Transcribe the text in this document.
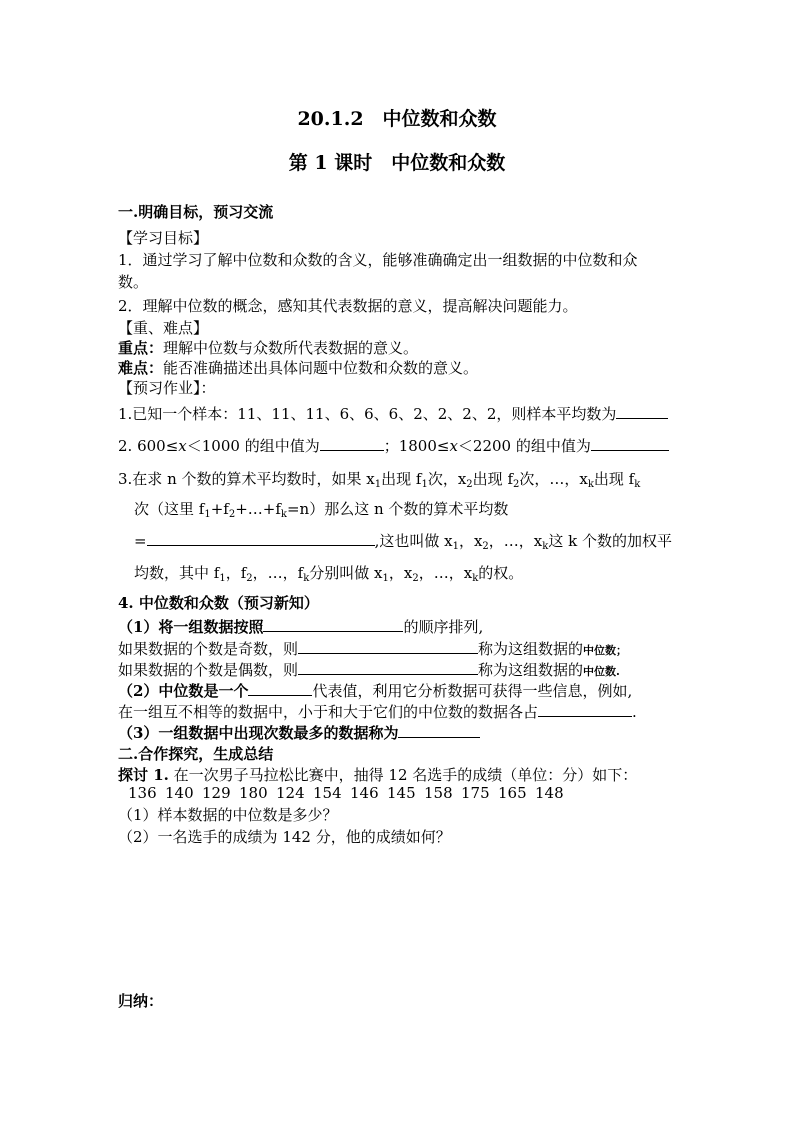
20.1.2　中位数和众数
第 1 课时　中位数和众数
一.明确目标，预习交流
【学习目标】
1．通过学习了解中位数和众数的含义，能够准确确定出一组数据的中位数和众
数。
2．理解中位数的概念，感知其代表数据的意义，提高解决问题能力。
【重、难点】
重点：理解中位数与众数所代表数据的意义。
难点：能否准确描述出具体问题中位数和众数的意义。
【预习作业】：
1.已知一个样本：11、11、11、6、6、6、2、2、2、2，则样本平均数为
2. 600≤x＜1000 的组中值为	；1800≤x＜2200 的组中值为
3.在求 n 个数的算术平均数时，如果 $x_1$出现 $f_1$次，$x_2$出现 $f_2$次，…，$x_k$出现 $f_k$
次（这里 $f_1+f_2+\dots+f_k=n$）那么这 n 个数的算术平均数
=	,这也叫做 $x_1$，$x_2$，…，$x_k$这 k 个数的加权平
均数，其中 $f_1$，$f_2$，…，$f_k$分别叫做 $x_1$，$x_2$，…，$x_k$的权。
4. 中位数和众数（预习新知）
（1）将一组数据按照	的顺序排列,
如果数据的个数是奇数，则	称为这组数据的中位数；
如果数据的个数是偶数，则	称为这组数据的中位数.
（2）中位数是一个	代表值，利用它分析数据可获得一些信息，例如,
在一组互不相等的数据中，小于和大于它们的中位数的数据各占	.
（3）一组数据中出现次数最多的数据称为
二.合作探究，生成总结
探讨 1. 在一次男子马拉松比赛中，抽得 12 名选手的成绩（单位：分）如下：
136 140 129 180 124 154 146 145 158 175 165 148
（1）样本数据的中位数是多少？
（2）一名选手的成绩为 142 分，他的成绩如何？
归纳：
